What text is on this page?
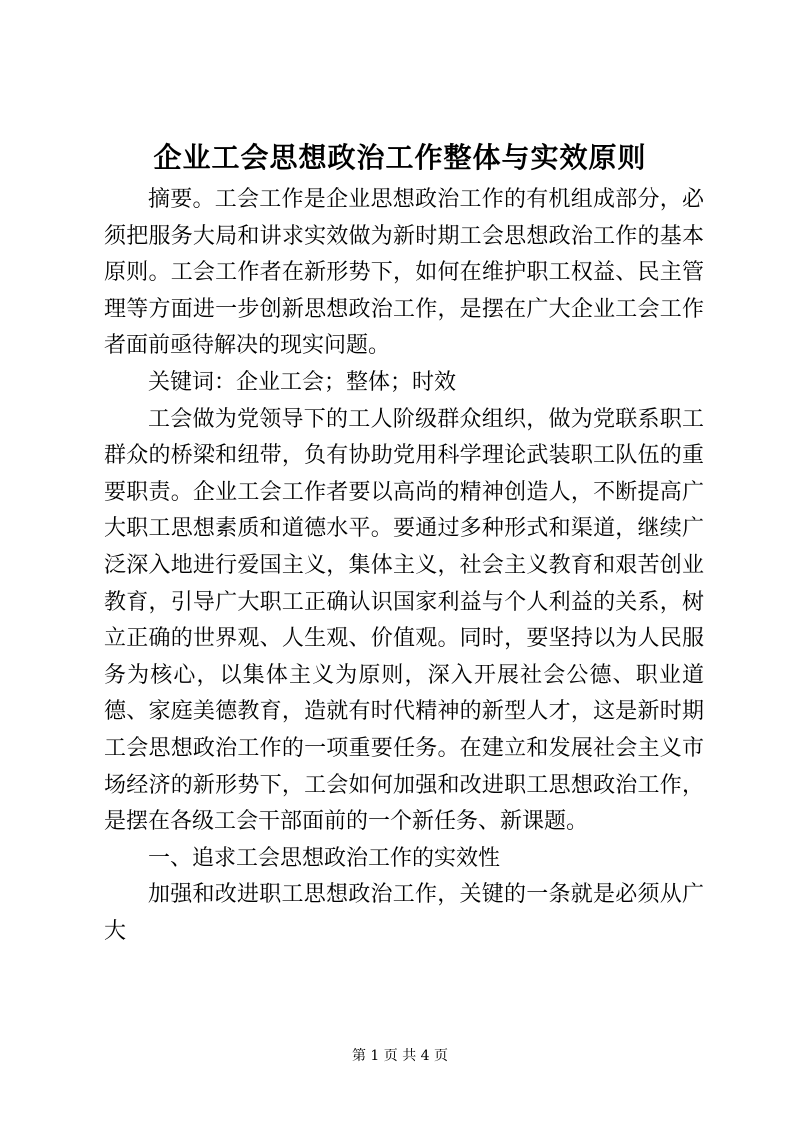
企业工会思想政治工作整体与实效原则

摘要。工会工作是企业思想政治工作的有机组成部分，必须把服务大局和讲求实效做为新时期工会思想政治工作的基本原则。工会工作者在新形势下，如何在维护职工权益、民主管理等方面进一步创新思想政治工作，是摆在广大企业工会工作者面前亟待解决的现实问题。

关键词：企业工会；整体；时效

工会做为党领导下的工人阶级群众组织，做为党联系职工群众的桥梁和纽带，负有协助党用科学理论武装职工队伍的重要职责。企业工会工作者要以高尚的精神创造人，不断提高广大职工思想素质和道德水平。要通过多种形式和渠道，继续广泛深入地进行爱国主义，集体主义，社会主义教育和艰苦创业教育，引导广大职工正确认识国家利益与个人利益的关系，树立正确的世界观、人生观、价值观。同时，要坚持以为人民服务为核心，以集体主义为原则，深入开展社会公德、职业道德、家庭美德教育，造就有时代精神的新型人才，这是新时期工会思想政治工作的一项重要任务。在建立和发展社会主义市场经济的新形势下，工会如何加强和改进职工思想政治工作，是摆在各级工会干部面前的一个新任务、新课题。

一、追求工会思想政治工作的实效性

加强和改进职工思想政治工作，关键的一条就是必须从广大

第 1 页 共 4 页
